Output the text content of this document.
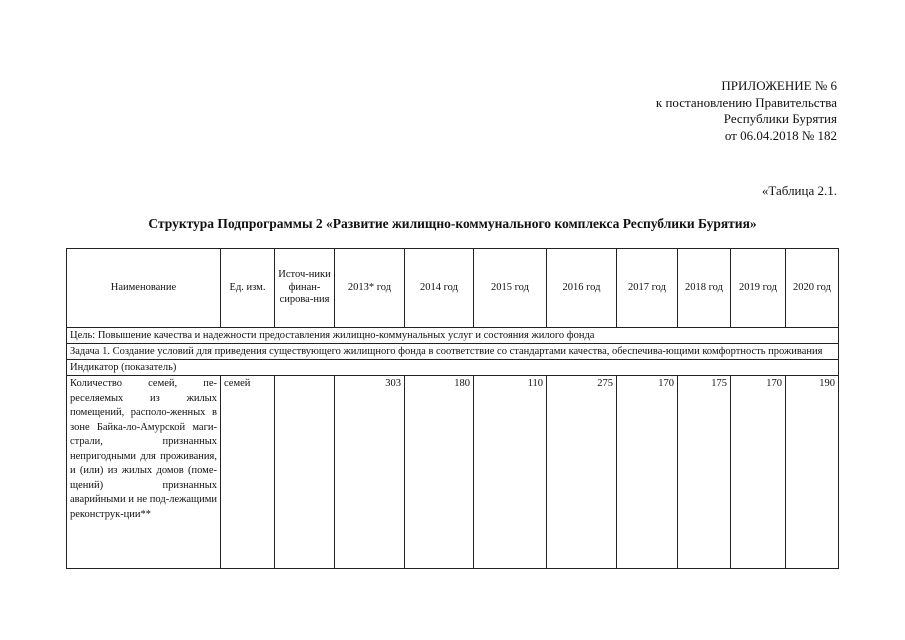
ПРИЛОЖЕНИЕ № 6
к постановлению Правительства
Республики Бурятия
от 06.04.2018 № 182
«Таблица 2.1.
Структура Подпрограммы 2 «Развитие жилищно-коммунального комплекса Республики Бурятия»
Наименование	Ед. изм.	Источ-ники финан-сирова-ния	2013* год	2014 год	2015 год	2016 год	2017 год	2018 год	2019 год	2020 год
Цель: Повышение качества и надежности предоставления жилищно-коммунальных услуг и состояния жилого фонда										
Задача 1. Создание условий для приведения существующего жилищного фонда в соответствие со стандартами качества, обеспечива-ющими комфортность проживания										
Индикатор (показатель)										
Количество семей, пе-реселяемых из жилых помещений, располо-женных в зоне Байка-ло-Амурской маги-страли, признанных непригодными для проживания, и (или) из жилых домов (поме-щений) признанных аварийными и не под-лежащими реконструк-ции**	семей		303	180	110	275	170	175	170	190
